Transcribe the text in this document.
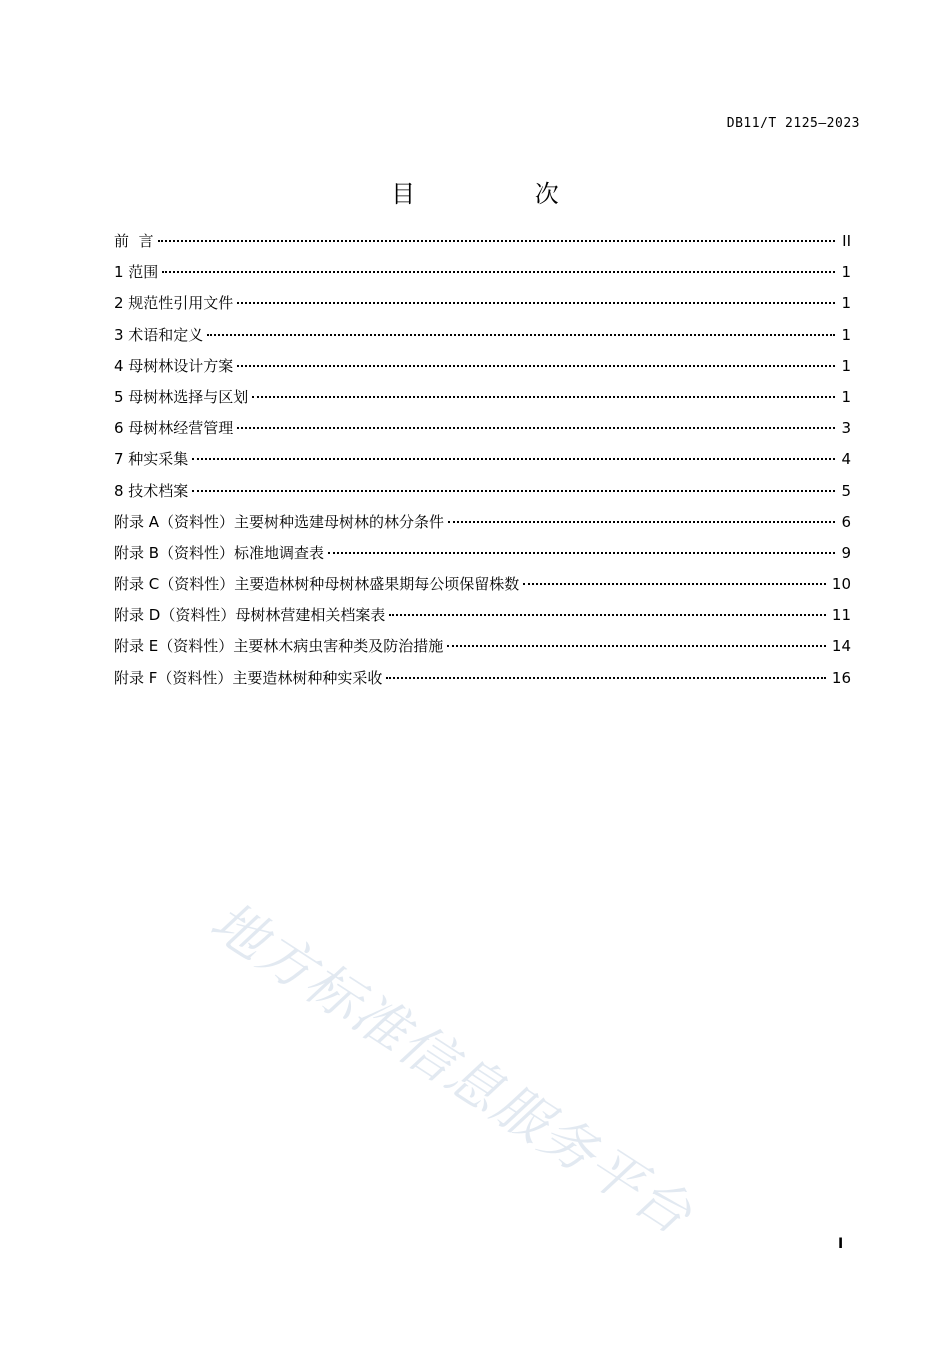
DB11/T 2125—2023
目 次
前  言	II
1 范围	1
2 规范性引用文件	1
3 术语和定义	1
4 母树林设计方案	1
5 母树林选择与区划	1
6 母树林经营管理	3
7 种实采集	4
8 技术档案	5
附录 A（资料性）主要树种选建母树林的林分条件	6
附录 B（资料性）标准地调查表	9
附录 C（资料性）主要造林树种母树林盛果期每公顷保留株数	10
附录 D（资料性）母树林营建相关档案表	11
附录 E（资料性）主要林木病虫害种类及防治措施	14
附录 F（资料性）主要造林树种种实采收	16
地方标准信息服务平台	I
